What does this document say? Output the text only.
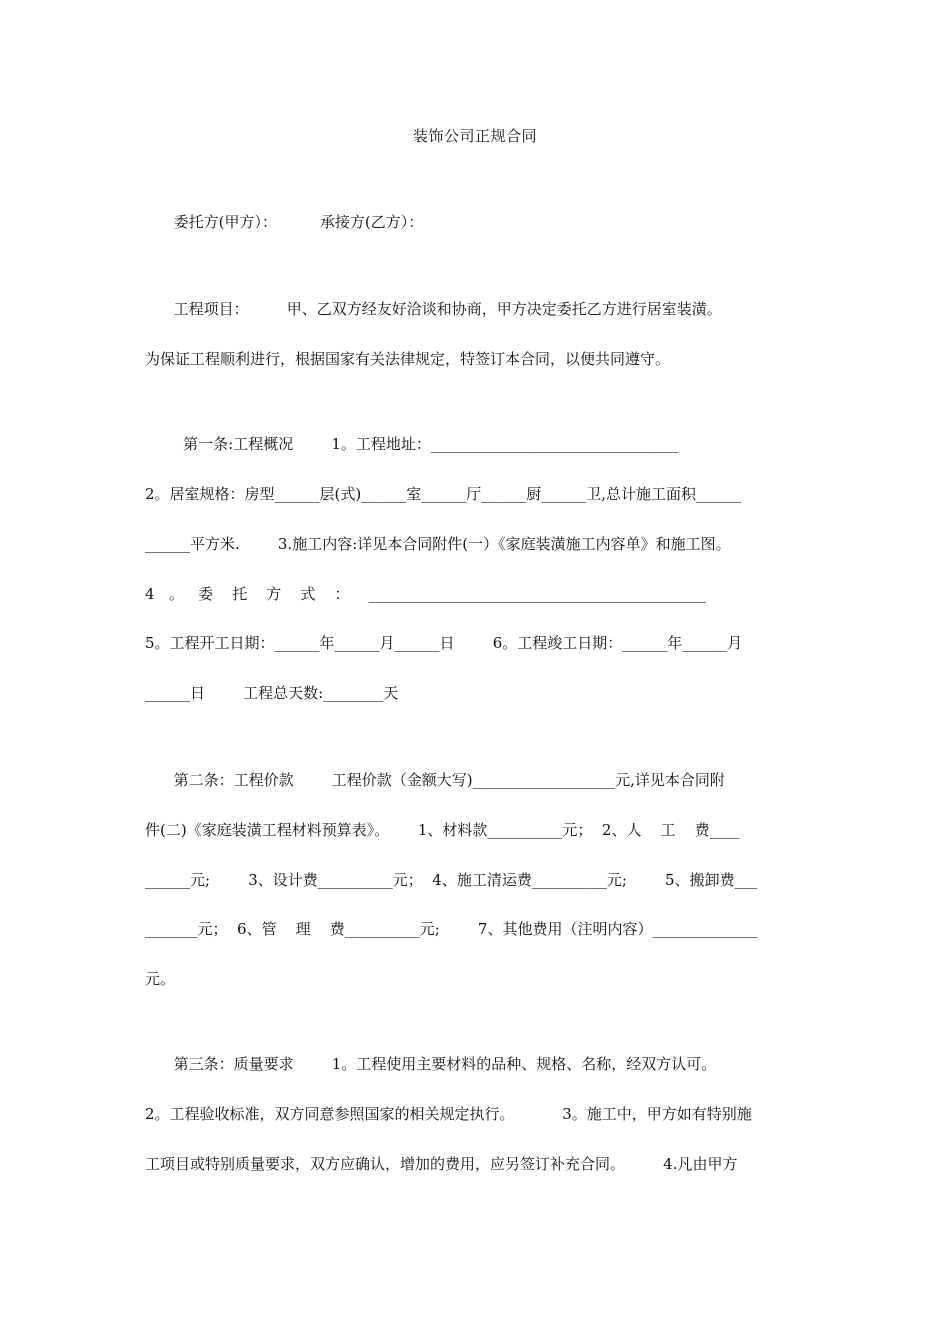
装饰公司正规合同
委托方(甲方）：         承接方(乙方）：
工程项目：        甲、乙双方经友好洽谈和协商，甲方决定委托乙方进行居室装潢。
为保证工程顺利进行，根据国家有关法律规定，特签订本合同，以便共同遵守。
第一条:工程概况        1。工程地址：_________________________________
2。居室规格：房型______层(式)______室______厅______厨______卫,总计施工面积______
______平方米.        3.施工内容:详见本合同附件(一）《家庭装潢施工内容单》和施工图。
4   。   委    托    方    式    ：    _____________________________________________
5。工程开工日期：______年______月______日        6。工程竣工日期：______年______月
______日        工程总天数:________天
第二条：工程价款        工程价款（金额大写)___________________元,详见本合同附
件(二)《家庭装潢工程材料预算表》。      1、材料款__________元；  2、人    工    费____
______元;        3、设计费__________元；  4、施工清运费__________元;        5、搬卸费___
_______元；  6、管    理    费__________元;        7、其他费用（注明内容）______________
元。
第三条：质量要求        1。工程使用主要材料的品种、规格、名称，经双方认可。
2。工程验收标准，双方同意参照国家的相关规定执行。          3。施工中，甲方如有特别施
工项目或特别质量要求，双方应确认，增加的费用，应另签订补充合同。        4.凡由甲方
